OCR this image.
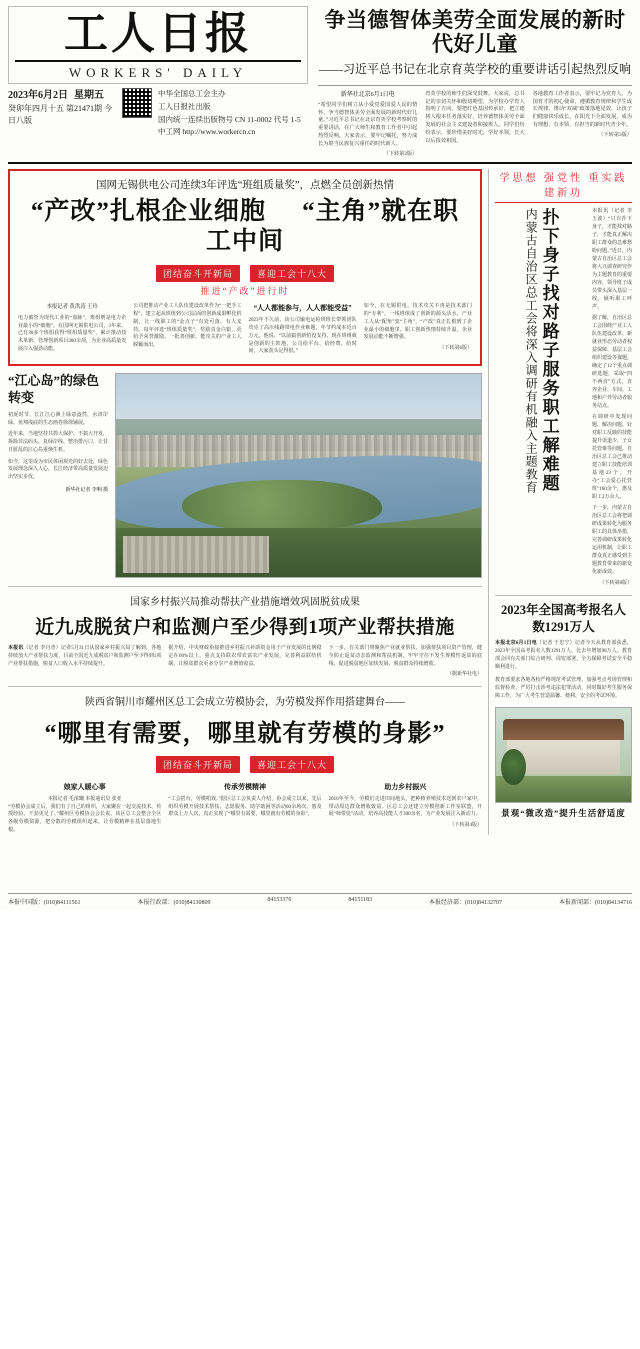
工人日报
WORKERS' DAILY
2023年6月2日 星期五
癸卯年四月十五 第21471期 今日八版
中华全国总工会主办
工人日报社出版
国内统一连续出版物号 CN 11-0002 代号 1-5
中工网 http://www.workercn.cn
争当德智体美劳全面发展的新时代好儿童
——习近平总书记在北京育英学校的重要讲话引起热烈反响
新华社北京6月1日电
“希望同学们树立从小爱党爱国爱人民的情怀，争当德智体美劳全面发展的新时代好儿童。”习近平总书记在北京育英学校考察时的重要讲话，在广大师生和教育工作者中引起热烈反响。大家表示，要牢记嘱托，努力成长为堪当民族复兴重任的时代新人。
（下转第2版）
育英学校的师生们深受鼓舞。大家说，总书记的亲切关怀和殷切期望，为学校办学育人指明了方向。要把红色基因传承好，把立德树人根本任务落实好，培养德智体美劳全面发展的社会主义建设者和接班人。同学们纷纷表示，要珍惜美好时光，学好本领，长大以后报效祖国。
各地教育工作者表示，要牢记为党育人、为国育才的初心使命，遵循教育规律和学生成长规律，推动“双减”政策落地见效，让孩子们健康快乐成长，在阳光下全面发展，成为有理想、有本领、有担当的新时代青少年。
（下转第3版）
国网无锡供电公司连续3年评选“班组质量奖”，点燃全员创新热情
“产改”扎根企业细胞 “主角”就在职工中间
团结奋斗开新局	喜迎工会十八大
推进“产改”进行时
本报记者 黄洪涛 王玲
电力被誉为现代工业的“血脉”，班组则是电力企业最小的“细胞”。在国网无锡供电公司，3年来，已有30多个班组获得“班组质量奖”，累计推动技术革新、管理创新项目300余项，为企业高质量发展注入强劲动能。
公司把推动产业工人队伍建设改革作为“一把手工程”，建立起从班组到公司层面的创新成果孵化机制，让一线职工的“金点子”有处可落、有人支持。每年评选“班组质量奖”，奖励真金白银，更给予荣誉激励，一批善创新、能攻关的产业工人脱颖而出。
“人人都能参与，人人都能受益”
2023年不久前，该公司输电运检班班长带领团队攻克了高压线路带电作业难题，年节约成本近百万元。他说，“以前搞创新怕没支持，现在班组就是创新的主阵地，公司给平台、给经费、给时间，大家劲头足得很。”
如今，在无锡供电，技术攻关不再是技术部门的“专利”，一线班组成了创新的源头活水。产业工人从“配角”变“主角”，“产改”真正扎根到了企业最小的细胞里。职工创新热情持续升温，企业发展动能不断增强。
（下转第6版）
“江心岛”的绿色转变

初夏时节，长江江心洲上绿意盎然，水清岸绿、鱼翔浅底的生态画卷徐徐铺展。

近年来，当地坚持共抓大保护、不搞大开发，拆除非法码头、复绿岸线、整治排污口，让昔日脏乱的江心岛重焕生机。

如今，这里成为市民休闲观光的好去处，绿色发展理念深入人心，长江经济带高质量发展迈出坚实步伐。

新华社记者 李响 摄
国家乡村振兴局推动帮扶产业措施增效巩固脱贫成果
近九成脱贫户和监测户至少得到1项产业帮扶措施
本报讯（记者 李丹青）记者5月31日从国家乡村振兴局了解到，各地持续加大产业帮扶力度，目前全国近九成脱贫户和监测户至少得到1项产业帮扶措施，脱贫人口收入水平持续提升。
据介绍，中央财政衔接推进乡村振兴补助资金用于产业发展的比例稳定在60%以上，重点支持联农带农富农产业发展，完善利益联结机制，让脱贫群众更多分享产业增值收益。
下一步，有关部门将聚焦产业就业帮扶，加强帮扶项目资产管理，健全防止返贫动态监测和帮扶机制，牢牢守住不发生规模性返贫的底线，促进脱贫地区加快发展、脱贫群众持续增收。
（据新华社电）
陕西省铜川市耀州区总工会成立劳模协会，为劳模发挥作用搭建舞台——
“哪里有需要，哪里就有劳模的身影”
团结奋斗开新局	喜迎工会十八大
娘家人暖心事
本报记者 毛浓曦 本报通讯员 张亚
“劳模协会成立后，我们有了自己的组织，大家聚在一起交流技术、传授经验，干劲更足了。”耀州区劳模协会会长说。该区总工会整合全区各级劳模资源，把分散的劳模组织起来，让劳模精神在基层落地生根。
传承劳模精神
“工会搭台，劳模唱戏。”据区总工会负责人介绍，协会成立以来，先后组织劳模开展技术帮扶、志愿服务、助学助困等活动60余场次，惠及群众上万人次，真正实现了“哪里有需要，哪里就有劳模的身影”。
助力乡村振兴
2016年至今，劳模们走进田间地头，把种植养殖技术送到农户家中，带动周边群众增收致富。区总工会还建立劳模创新工作室联盟，开展“师带徒”活动，培养高技能人才300余名，为产业发展注入新动力。
（下转第4版）
学思想 强党性 重实践 建新功
扑下身子找对路子服务职工解难题
内蒙古自治区总工会将深入调研有机融入主题教育	本报讯（记者 李玉波）“只有扑下身子，才能找对路子，才能真正解决职工群众的急难愁盼问题。”近日，内蒙古自治区总工会将大兴调查研究作为主题教育的重要内容，领导班子成员带头深入基层一线，倾听职工呼声。
据了解，自治区总工会围绕产业工人队伍建设改革、新就业形态劳动者权益保障、基层工会组织建设等课题，确定了12个重点调研选题，采取“四不两直”方式，直奔企业、车间、工地和户外劳动者服务站点。
在调研中发现问题、解决问题。针对职工反映的技能提升渠道少、子女托管难等问题，自治区总工会已推动建立职工技能培训基地23个，开办“工会爱心托管班”160余个，惠及职工2万余人。
下一步，内蒙古自治区总工会将把调研成果转化为服务职工的具体举措，完善调研成果转化运用机制，让职工群众真正感受到主题教育带来的新变化新成效。
（下转第8版）
2023年全国高考报名人数1291万人
本报北京6月1日电（记者 于忠宁）记者今天从教育部获悉，2023年全国高考报名人数1291万人，比去年增加98万人。教育部会同有关部门综合研判、周密部署，全力保障考试安全平稳顺利进行。
教育部要求各地各校严格规范考试管理，加强考点考场管理和监督检查，严厉打击涉考违法犯罪活动，同时做好考生服务保障工作，为广大考生营造温馨、便利、安全的考试环境。
景观“微改造”提升生活舒适度
本报中国版：(010)84111561	本报行政部：(010)84130809	84153376	84151183	本报经济部：(010)84132707	本报新闻部：(010)84134716
